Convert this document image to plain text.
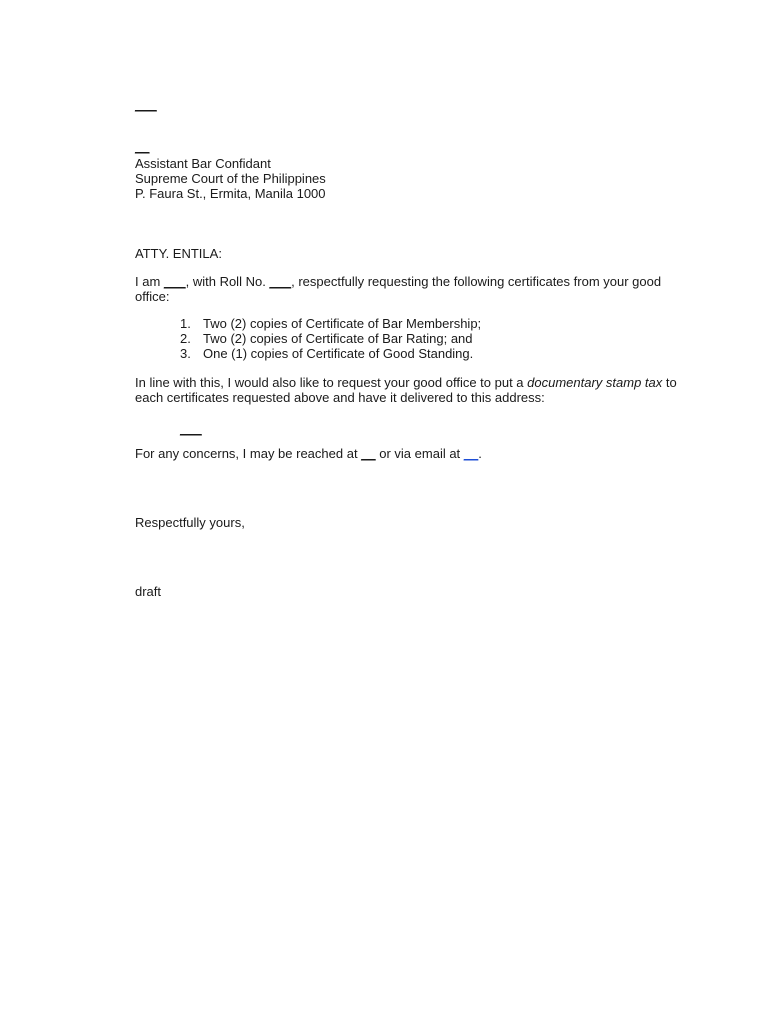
___
__
Assistant Bar Confidant
Supreme Court of the Philippines
P. Faura St., Ermita, Manila 1000
ATTY. ENTILA:
I am ___, with Roll No. ___, respectfully requesting the following certificates from your good office:
1. Two (2) copies of Certificate of Bar Membership;
2. Two (2) copies of Certificate of Bar Rating; and
3. One (1) copies of Certificate of Good Standing.
In line with this, I would also like to request your good office to put a documentary stamp tax to each certificates requested above and have it delivered to this address:
___
For any concerns, I may be reached at __ or via email at __.
Respectfully yours,
draft
